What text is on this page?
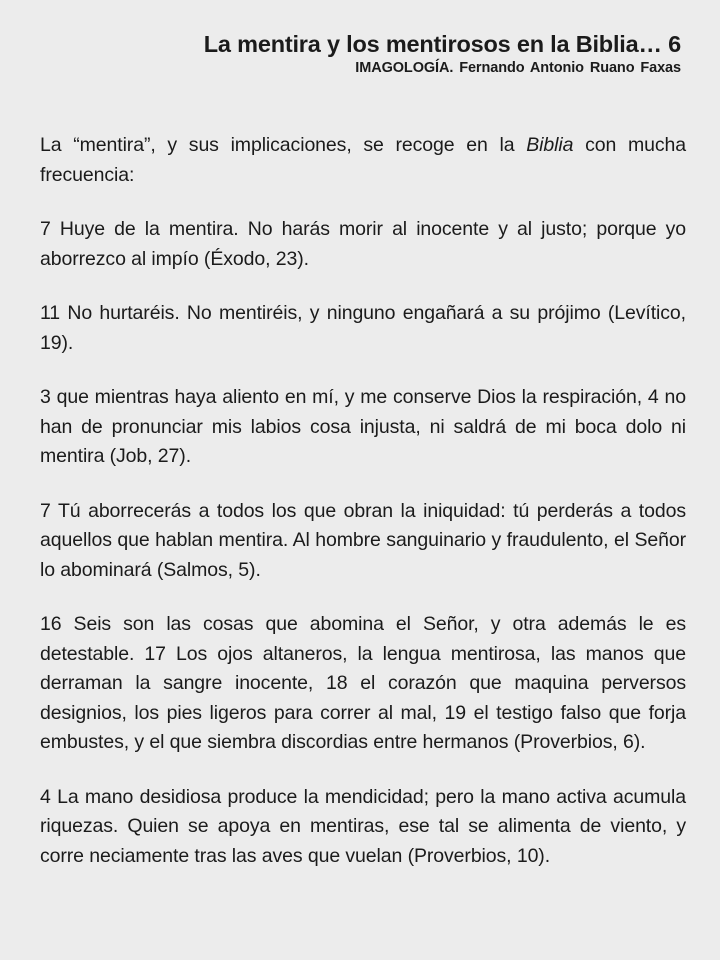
La mentira y los mentirosos en la Biblia… 6
IMAGOLOGÍA. Fernando Antonio Ruano Faxas

La “mentira”, y sus implicaciones, se recoge en la Biblia con mucha frecuencia:

7 Huye de la mentira. No harás morir al inocente y al justo; porque yo aborrezco al impío (Éxodo, 23).

11 No hurtaréis. No mentiréis, y ninguno engañará a su prójimo (Levítico, 19).

3 que mientras haya aliento en mí, y me conserve Dios la respiración, 4 no han de pronunciar mis labios cosa injusta, ni saldrá de mi boca dolo ni mentira (Job, 27).

7 Tú aborrecerás a todos los que obran la iniquidad: tú perderás a todos aquellos que hablan mentira. Al hombre sanguinario y fraudulento, el Señor lo abominará (Salmos, 5).

16 Seis son las cosas que abomina el Señor, y otra además le es detestable. 17 Los ojos altaneros, la lengua mentirosa, las manos que derraman la sangre inocente, 18 el corazón que maquina perversos designios, los pies ligeros para correr al mal, 19 el testigo falso que forja embustes, y el que siembra discordias entre hermanos (Proverbios, 6).

4 La mano desidiosa produce la mendicidad; pero la mano activa acumula riquezas. Quien se apoya en mentiras, ese tal se alimenta de viento, y corre neciamente tras las aves que vuelan (Proverbios, 10).
